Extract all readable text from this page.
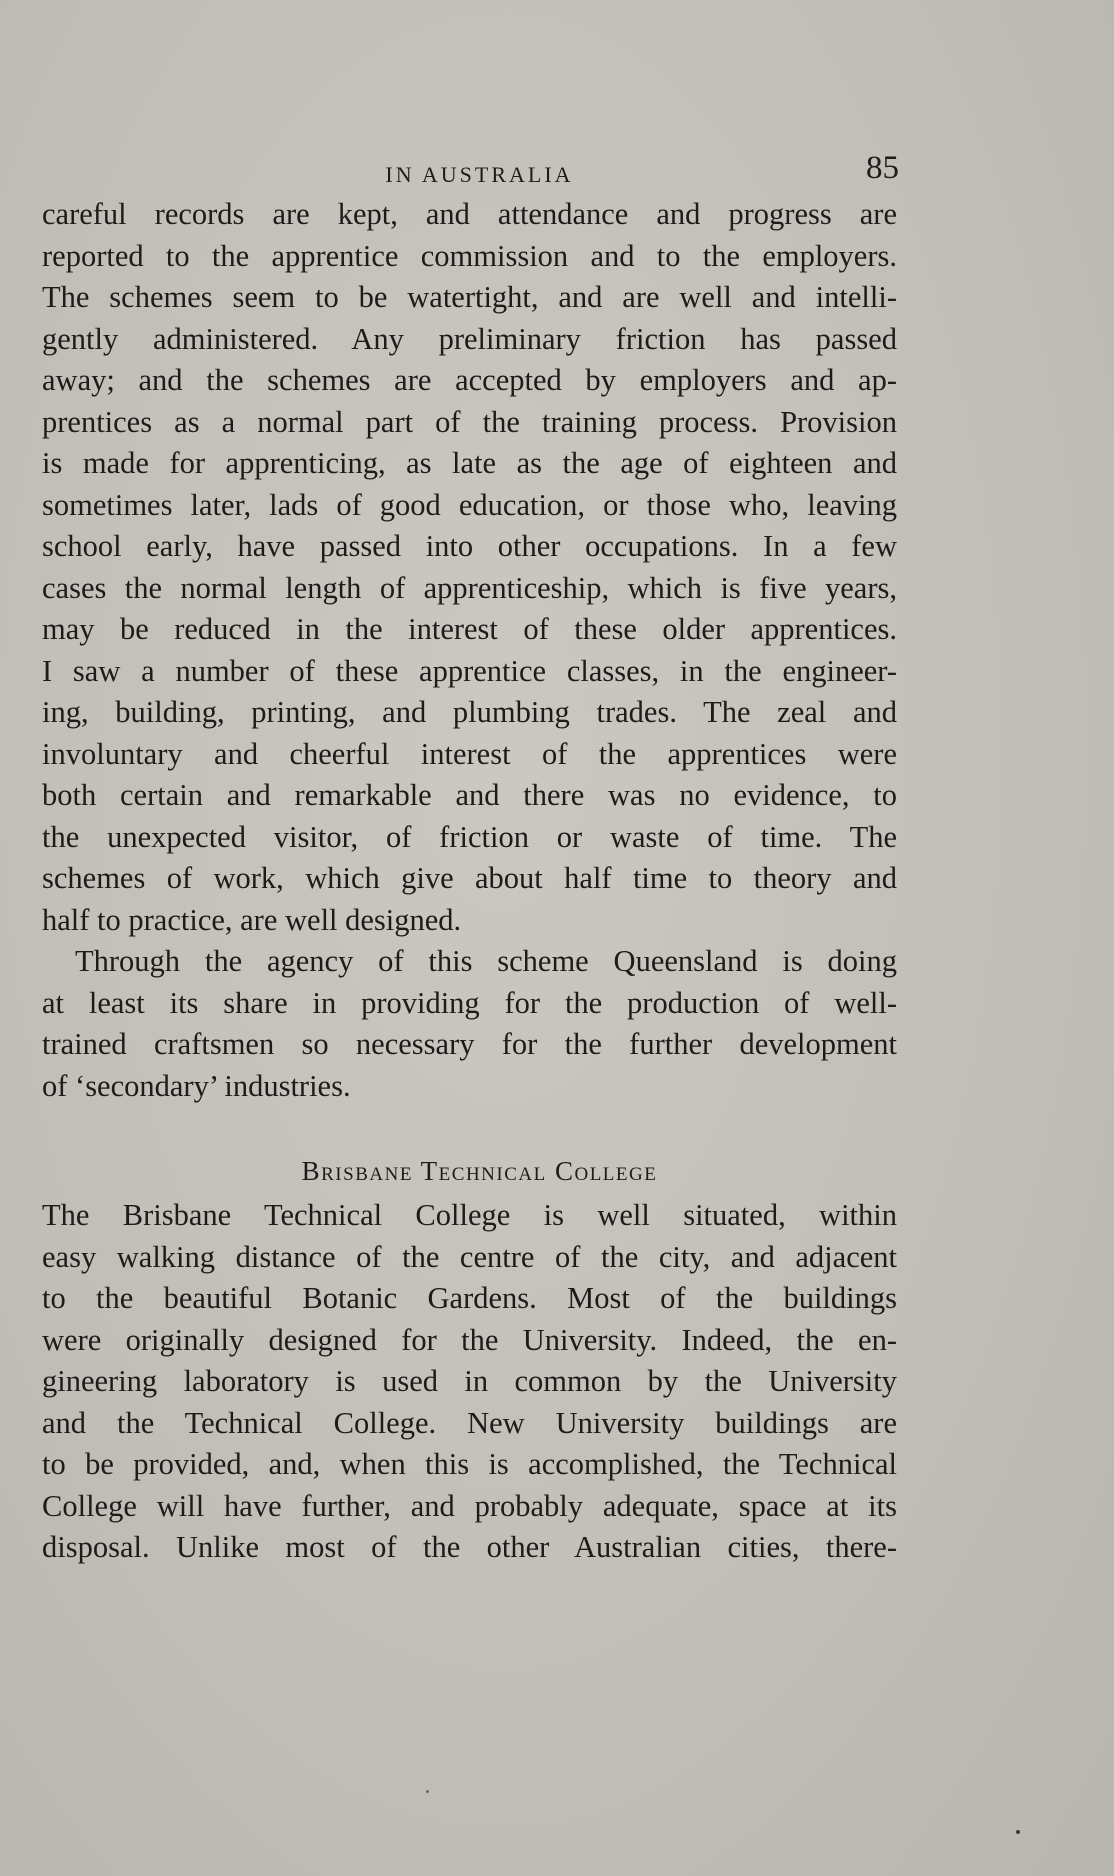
IN AUSTRALIA	85
careful records are kept, and attendance and progress are
reported to the apprentice commission and to the employers.
The schemes seem to be watertight, and are well and intelli-
gently administered. Any preliminary friction has passed
away; and the schemes are accepted by employers and ap-
prentices as a normal part of the training process. Provision
is made for apprenticing, as late as the age of eighteen and
sometimes later, lads of good education, or those who, leaving
school early, have passed into other occupations. In a few
cases the normal length of apprenticeship, which is five years,
may be reduced in the interest of these older apprentices.
I saw a number of these apprentice classes, in the engineer-
ing, building, printing, and plumbing trades. The zeal and
involuntary and cheerful interest of the apprentices were
both certain and remarkable and there was no evidence, to
the unexpected visitor, of friction or waste of time. The
schemes of work, which give about half time to theory and
half to practice, are well designed.
Through the agency of this scheme Queensland is doing
at least its share in providing for the production of well-
trained craftsmen so necessary for the further development
of ‘secondary’ industries.
Brisbane Technical College
The Brisbane Technical College is well situated, within
easy walking distance of the centre of the city, and adjacent
to the beautiful Botanic Gardens. Most of the buildings
were originally designed for the University. Indeed, the en-
gineering laboratory is used in common by the University
and the Technical College. New University buildings are
to be provided, and, when this is accomplished, the Technical
College will have further, and probably adequate, space at its
disposal. Unlike most of the other Australian cities, there-
